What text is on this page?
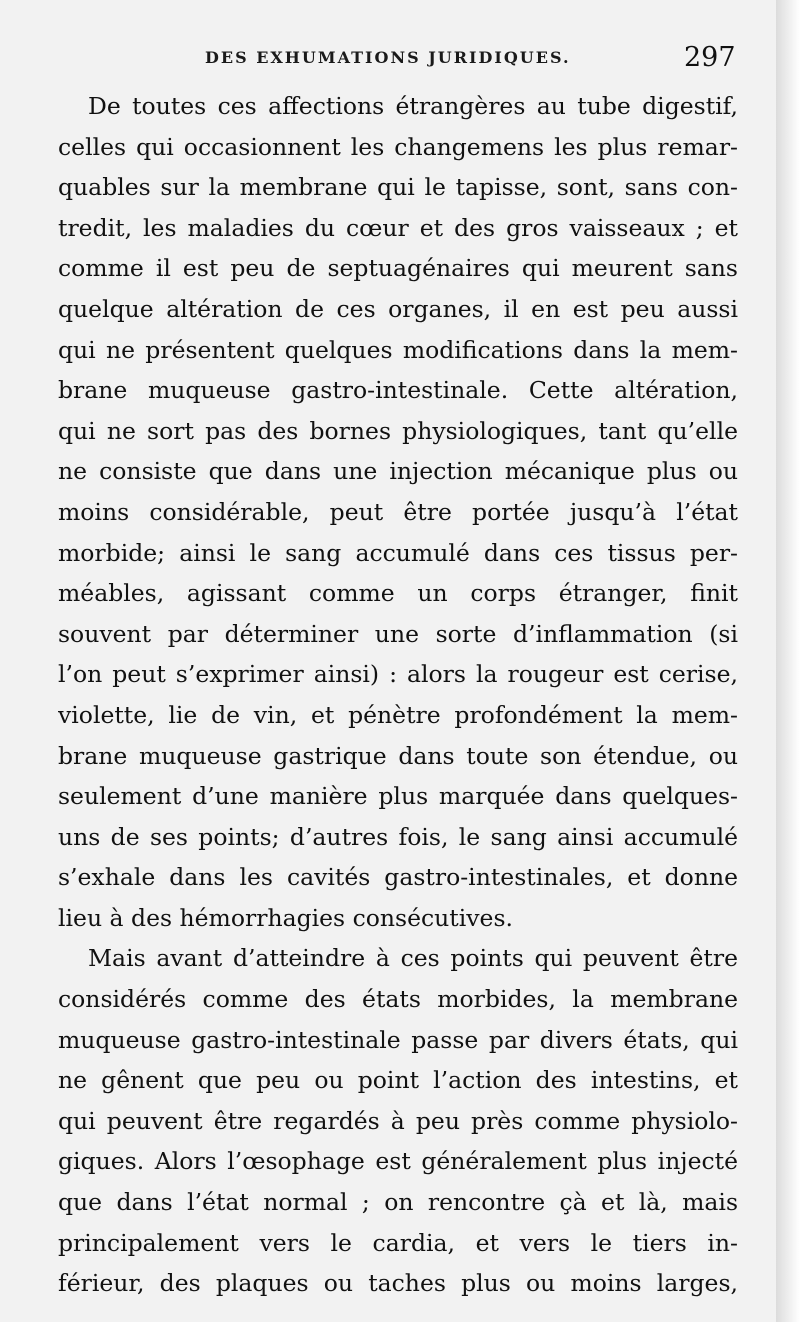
DES EXHUMATIONS JURIDIQUES.	297
De toutes ces affections étrangères au tube digestif,
celles qui occasionnent les changemens les plus remar-
quables sur la membrane qui le tapisse, sont, sans con-
tredit, les maladies du cœur et des gros vaisseaux ; et
comme il est peu de septuagénaires qui meurent sans
quelque altération de ces organes, il en est peu aussi
qui ne présentent quelques modifications dans la mem-
brane muqueuse gastro-intestinale. Cette altération,
qui ne sort pas des bornes physiologiques, tant qu’elle
ne consiste que dans une injection mécanique plus ou
moins considérable, peut être portée jusqu’à l’état
morbide; ainsi le sang accumulé dans ces tissus per-
méables, agissant comme un corps étranger, finit
souvent par déterminer une sorte d’inflammation (si
l’on peut s’exprimer ainsi) : alors la rougeur est cerise,
violette, lie de vin, et pénètre profondément la mem-
brane muqueuse gastrique dans toute son étendue, ou
seulement d’une manière plus marquée dans quelques-
uns de ses points; d’autres fois, le sang ainsi accumulé
s’exhale dans les cavités gastro-intestinales, et donne
lieu à des hémorrhagies consécutives.
Mais avant d’atteindre à ces points qui peuvent être
considérés comme des états morbides, la membrane
muqueuse gastro-intestinale passe par divers états, qui
ne gênent que peu ou point l’action des intestins, et
qui peuvent être regardés à peu près comme physiolo-
giques. Alors l’œsophage est généralement plus injecté
que dans l’état normal ; on rencontre çà et là, mais
principalement vers le cardia, et vers le tiers in-
férieur, des plaques ou taches plus ou moins larges,
